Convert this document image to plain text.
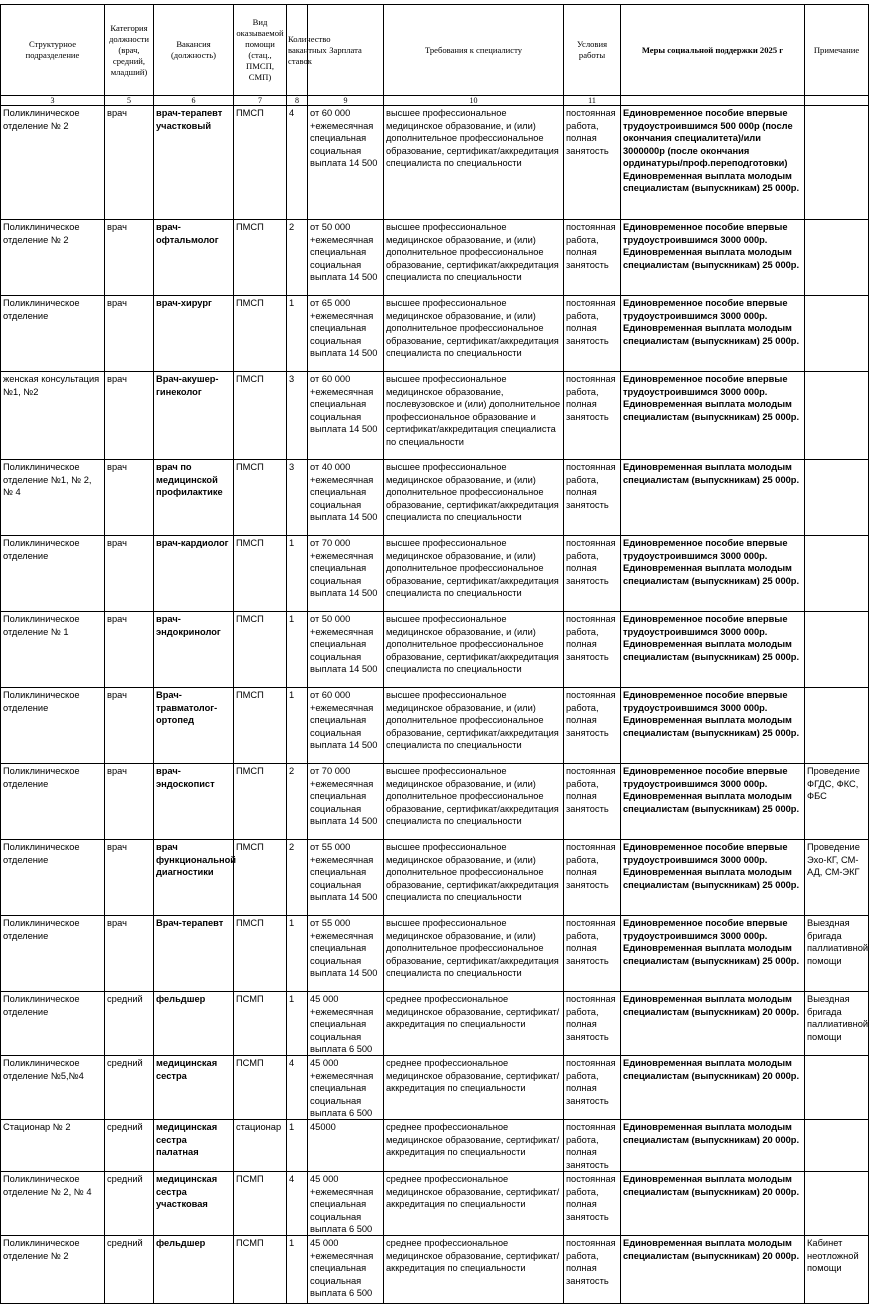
Структурное подразделение	Категория должности (врач, средний, младший)	Вакансия (должность)	Вид оказываемой помощи (стац., ПМСП, СМП)	Количество вакантных ставок	Зарплата	Требования к специалисту	Условия работы	Меры социальной поддержки 2025 г	Примечание
3	5	6	7	8	9	10	11		

Поликлиническое отделение № 2	врач	врач-терапевт участковый	ПМСП	4	от 60 000 +ежемесячная специальная социальная выплата 14 500	высшее профессиональное медицинское образование, и (или) дополнительное профессиональное образование, сертификат/аккредитация специалиста по специальности	постоянная работа, полная занятость	Единовременное пособие впервые трудоустроившимся 500 000р (после окончания специалитета)/или 3000000р (после окончания ординатуры/проф.переподготовки) Единовременная выплата молодым специалистам (выпускникам) 25 000р.	

Поликлиническое отделение № 2	врач	врач-офтальмолог	ПМСП	2	от 50 000 +ежемесячная специальная социальная выплата 14 500	высшее профессиональное медицинское образование, и (или) дополнительное профессиональное образование, сертификат/аккредитация специалиста по специальности	постоянная работа, полная занятость	Единовременное пособие впервые трудоустроившимся 3000 000р. Единовременная выплата молодым специалистам (выпускникам) 25 000р.	

Поликлиническое отделение	врач	врач-хирург	ПМСП	1	от 65 000 +ежемесячная специальная социальная выплата 14 500	высшее профессиональное медицинское образование, и (или) дополнительное профессиональное образование, сертификат/аккредитация специалиста по специальности	постоянная работа, полная занятость	Единовременное пособие впервые трудоустроившимся 3000 000р. Единовременная выплата молодым специалистам (выпускникам) 25 000р.	

женская консультация №1, №2	врач	Врач-акушер-гинеколог	ПМСП	3	от 60 000 +ежемесячная специальная социальная выплата 14 500	высшее профессиональное медицинское образование, послевузовское и (или) дополнительное профессиональное образование и сертификат/аккредитация специалиста по специальности	постоянная работа, полная занятость	Единовременное пособие впервые трудоустроившимся 3000 000р. Единовременная выплата молодым специалистам (выпускникам) 25 000р.	

Поликлиническое отделение №1, № 2, № 4	врач	врач по медицинской профилактике	ПМСП	3	от 40 000 +ежемесячная специальная социальная выплата 14 500	высшее профессиональное медицинское образование, и (или) дополнительное профессиональное образование, сертификат/аккредитация специалиста по специальности	постоянная работа, полная занятость	Единовременная выплата молодым специалистам (выпускникам) 25 000р.	

Поликлиническое отделение	врач	врач-кардиолог	ПМСП	1	от 70 000 +ежемесячная специальная социальная выплата 14 500	высшее профессиональное медицинское образование, и (или) дополнительное профессиональное образование, сертификат/аккредитация специалиста по специальности	постоянная работа, полная занятость	Единовременное пособие впервые трудоустроившимся 3000 000р. Единовременная выплата молодым специалистам (выпускникам) 25 000р.	

Поликлиническое отделение № 1	врач	врач-эндокринолог	ПМСП	1	от 50 000 +ежемесячная специальная социальная выплата 14 500	высшее профессиональное медицинское образование, и (или) дополнительное профессиональное образование, сертификат/аккредитация специалиста по специальности	постоянная работа, полная занятость	Единовременное пособие впервые трудоустроившимся 3000 000р. Единовременная выплата молодым специалистам (выпускникам) 25 000р.	

Поликлиническое отделение	врач	Врач-травматолог-ортопед	ПМСП	1	от 60 000 +ежемесячная специальная социальная выплата 14 500	высшее профессиональное медицинское образование, и (или) дополнительное профессиональное образование, сертификат/аккредитация специалиста по специальности	постоянная работа, полная занятость	Единовременное пособие впервые трудоустроившимся 3000 000р. Единовременная выплата молодым специалистам (выпускникам) 25 000р.	

Поликлиническое отделение	врач	врач-эндоскопист	ПМСП	2	от 70 000 +ежемесячная специальная социальная выплата 14 500	высшее профессиональное медицинское образование, и (или) дополнительное профессиональное образование, сертификат/аккредитация специалиста по специальности	постоянная работа, полная занятость	Единовременное пособие впервые трудоустроившимся 3000 000р. Единовременная выплата молодым специалистам (выпускникам) 25 000р.	Проведение ФГДС, ФКС, ФБС

Поликлиническое отделение	врач	врач функциональной диагностики	ПМСП	2	от 55 000 +ежемесячная специальная социальная выплата 14 500	высшее профессиональное медицинское образование, и (или) дополнительное профессиональное образование, сертификат/аккредитация специалиста по специальности	постоянная работа, полная занятость	Единовременное пособие впервые трудоустроившимся 3000 000р. Единовременная выплата молодым специалистам (выпускникам) 25 000р.	Проведение Эхо-КГ, СМ-АД, СМ-ЭКГ

Поликлиническое отделение	врач	Врач-терапевт	ПМСП	1	от 55 000 +ежемесячная специальная социальная выплата 14 500	высшее профессиональное медицинское образование, и (или) дополнительное профессиональное образование, сертификат/аккредитация специалиста по специальности	постоянная работа, полная занятость	Единовременное пособие впервые трудоустроившимся 3000 000р. Единовременная выплата молодым специалистам (выпускникам) 25 000р.	Выездная бригада паллиативной помощи

Поликлиническое отделение	средний	фельдшер	ПСМП	1	45 000 +ежемесячная специальная социальная выплата 6 500	среднее профессиональное медицинское образование, сертификат/аккредитация по специальности	постоянная работа, полная занятость	Единовременная выплата молодым специалистам (выпускникам) 20 000р.	Выездная бригада паллиативной помощи

Поликлиническое отделение №5,№4	средний	медицинская сестра	ПСМП	4	45 000 +ежемесячная специальная социальная выплата 6 500	среднее профессиональное медицинское образование, сертификат/аккредитация по специальности	постоянная работа, полная занятость	Единовременная выплата молодым специалистам (выпускникам) 20 000р.	

Стационар № 2	средний	медицинская сестра палатная	стационар	1	45000	среднее профессиональное медицинское образование, сертификат/аккредитация по специальности	постоянная работа, полная занятость	Единовременная выплата молодым специалистам (выпускникам) 20 000р.	

Поликлиническое отделение № 2, № 4	средний	медицинская сестра участковая	ПСМП	4	45 000 +ежемесячная специальная социальная выплата 6 500	среднее профессиональное медицинское образование, сертификат/аккредитация по специальности	постоянная работа, полная занятость	Единовременная выплата молодым специалистам (выпускникам) 20 000р.	

Поликлиническое отделение № 2	средний	фельдшер	ПСМП	1	45 000 +ежемесячная специальная социальная выплата 6 500	среднее профессиональное медицинское образование, сертификат/аккредитация по специальности	постоянная работа, полная занятость	Единовременная выплата молодым специалистам (выпускникам) 20 000р.	Кабинет неотложной помощи
